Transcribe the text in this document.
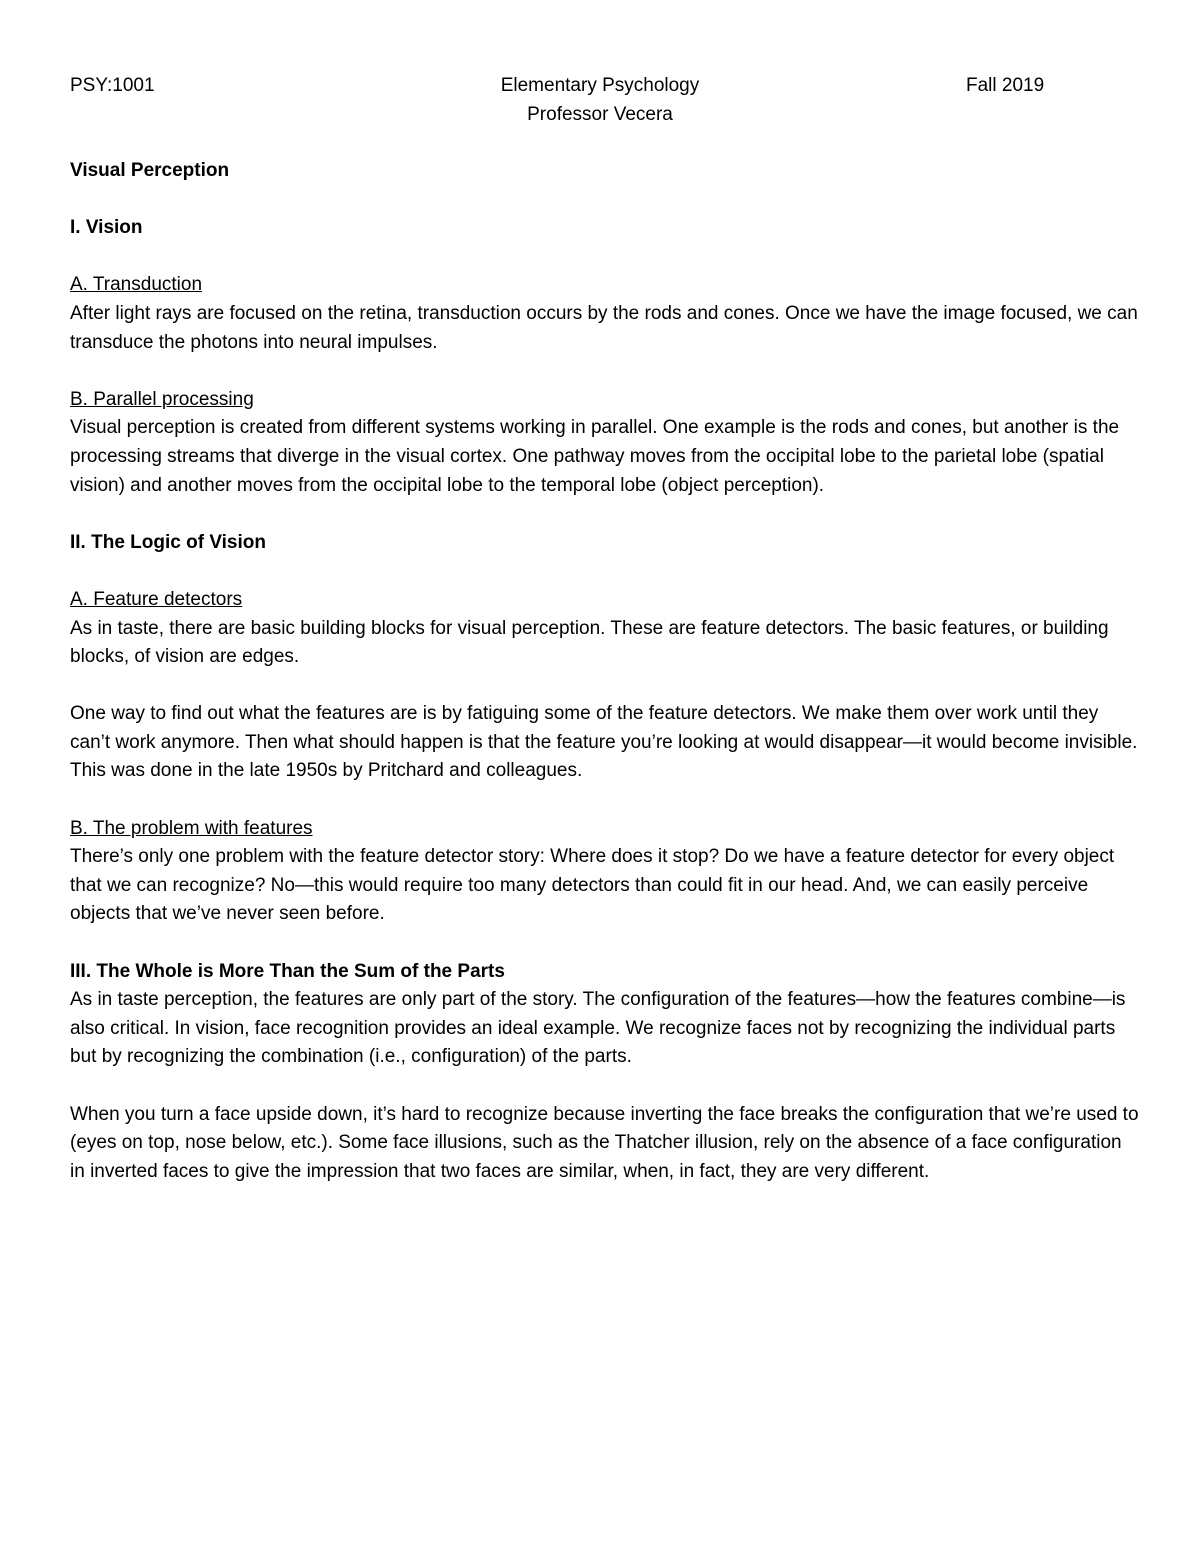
PSY:1001	Elementary Psychology	Fall 2019
Professor Vecera

Visual Perception

I. Vision

A. Transduction

After light rays are focused on the retina, transduction occurs by the rods and cones. Once we have the image focused, we can transduce the photons into neural impulses.

B. Parallel processing

Visual perception is created from different systems working in parallel. One example is the rods and cones, but another is the processing streams that diverge in the visual cortex. One pathway moves from the occipital lobe to the parietal lobe (spatial vision) and another moves from the occipital lobe to the temporal lobe (object perception).

II. The Logic of Vision

A. Feature detectors

As in taste, there are basic building blocks for visual perception. These are feature detectors. The basic features, or building blocks, of vision are edges.

One way to find out what the features are is by fatiguing some of the feature detectors. We make them over work until they can’t work anymore. Then what should happen is that the feature you’re looking at would disappear—it would become invisible. This was done in the late 1950s by Pritchard and colleagues.

B. The problem with features

There’s only one problem with the feature detector story: Where does it stop? Do we have a feature detector for every object that we can recognize? No—this would require too many detectors than could fit in our head. And, we can easily perceive objects that we’ve never seen before.

III. The Whole is More Than the Sum of the Parts

As in taste perception, the features are only part of the story. The configuration of the features—how the features combine—is also critical. In vision, face recognition provides an ideal example. We recognize faces not by recognizing the individual parts but by recognizing the combination (i.e., configuration) of the parts.

When you turn a face upside down, it’s hard to recognize because inverting the face breaks the configuration that we’re used to (eyes on top, nose below, etc.). Some face illusions, such as the Thatcher illusion, rely on the absence of a face configuration in inverted faces to give the impression that two faces are similar, when, in fact, they are very different.
